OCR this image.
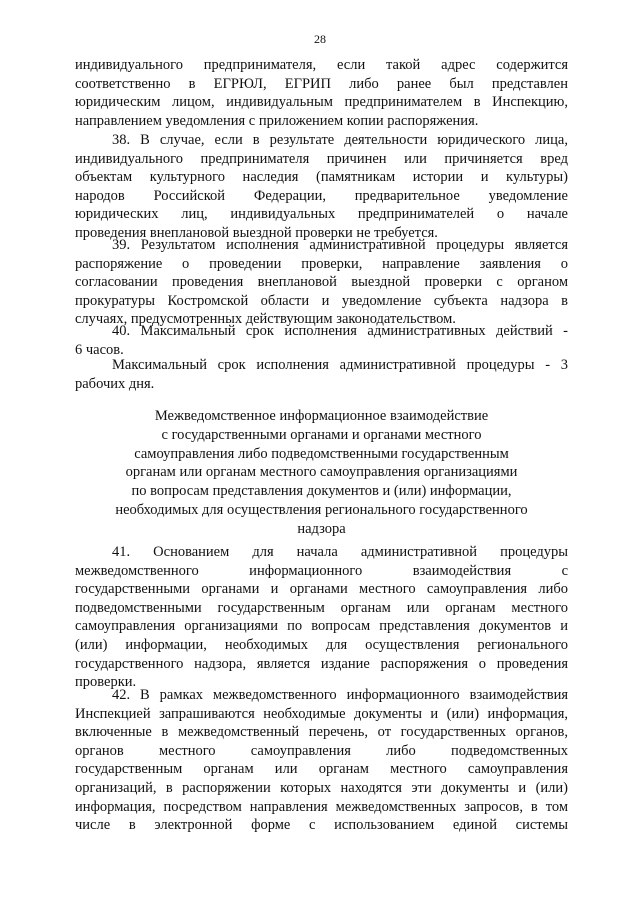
28
индивидуального предпринимателя, если такой адрес содержится
соответственно в ЕГРЮЛ, ЕГРИП либо ранее был представлен
юридическим лицом, индивидуальным предпринимателем в Инспекцию,
направлением уведомления с приложением копии распоряжения.
38. В случае, если в результате деятельности юридического лица,
индивидуального предпринимателя причинен или причиняется вред
объектам культурного наследия (памятникам истории и культуры)
народов Российской Федерации, предварительное уведомление
юридических лиц, индивидуальных предпринимателей о начале
проведения внеплановой выездной проверки не требуется.
39. Результатом исполнения административной процедуры является
распоряжение о проведении проверки, направление заявления о
согласовании проведения внеплановой выездной проверки с органом
прокуратуры Костромской области и уведомление субъекта надзора в
случаях, предусмотренных действующим законодательством.
40. Максимальный срок исполнения административных действий -
6 часов.
Максимальный срок исполнения административной процедуры - 3
рабочих дня.
Межведомственное информационное взаимодействие
с государственными органами и органами местного
самоуправления либо подведомственными государственным
органам или органам местного самоуправления организациями
по вопросам представления документов и (или) информации,
необходимых для осуществления регионального государственного
надзора
41. Основанием для начала административной процедуры
межведомственного информационного взаимодействия с
государственными органами и органами местного самоуправления либо
подведомственными государственным органам или органам местного
самоуправления организациями по вопросам представления документов и
(или) информации, необходимых для осуществления регионального
государственного надзора, является издание распоряжения о проведения
проверки.
42. В рамках межведомственного информационного взаимодействия
Инспекцией запрашиваются необходимые документы и (или) информация,
включенные в межведомственный перечень, от государственных органов,
органов местного самоуправления либо подведомственных
государственным органам или органам местного самоуправления
организаций, в распоряжении которых находятся эти документы и (или)
информация, посредством направления межведомственных запросов, в том
числе в электронной форме с использованием единой системы
